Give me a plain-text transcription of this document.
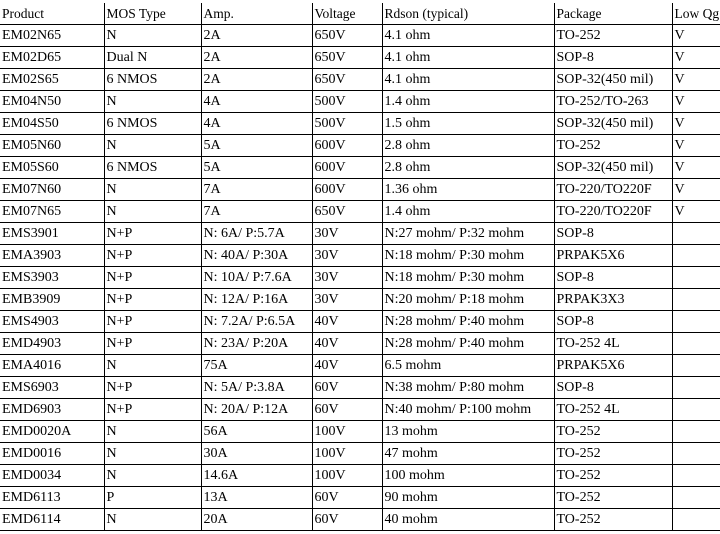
Product	MOS Type	Amp.	Voltage	Rdson (typical)	Package	Low Qg
EM02N65	N	2A	650V	4.1 ohm	TO-252	V
EM02D65	Dual N	2A	650V	4.1 ohm	SOP-8	V
EM02S65	6 NMOS	2A	650V	4.1 ohm	SOP-32(450 mil)	V
EM04N50	N	4A	500V	1.4 ohm	TO-252/TO-263	V
EM04S50	6 NMOS	4A	500V	1.5 ohm	SOP-32(450 mil)	V
EM05N60	N	5A	600V	2.8 ohm	TO-252	V
EM05S60	6 NMOS	5A	600V	2.8 ohm	SOP-32(450 mil)	V
EM07N60	N	7A	600V	1.36 ohm	TO-220/TO220F	V
EM07N65	N	7A	650V	1.4 ohm	TO-220/TO220F	V
EMS3901	N+P	N: 6A/ P:5.7A	30V	N:27 mohm/ P:32 mohm	SOP-8	
EMA3903	N+P	N: 40A/ P:30A	30V	N:18 mohm/ P:30 mohm	PRPAK5X6	
EMS3903	N+P	N: 10A/ P:7.6A	30V	N:18 mohm/ P:30 mohm	SOP-8	
EMB3909	N+P	N: 12A/ P:16A	30V	N:20 mohm/ P:18 mohm	PRPAK3X3	
EMS4903	N+P	N: 7.2A/ P:6.5A	40V	N:28 mohm/ P:40 mohm	SOP-8	
EMD4903	N+P	N: 23A/ P:20A	40V	N:28 mohm/ P:40 mohm	TO-252 4L	
EMA4016	N	75A	40V	6.5 mohm	PRPAK5X6	
EMS6903	N+P	N: 5A/ P:3.8A	60V	N:38 mohm/ P:80 mohm	SOP-8	
EMD6903	N+P	N: 20A/ P:12A	60V	N:40 mohm/ P:100 mohm	TO-252 4L	
EMD0020A	N	56A	100V	13 mohm	TO-252	
EMD0016	N	30A	100V	47 mohm	TO-252	
EMD0034	N	14.6A	100V	100 mohm	TO-252	
EMD6113	P	13A	60V	90 mohm	TO-252	
EMD6114	N	20A	60V	40 mohm	TO-252	
